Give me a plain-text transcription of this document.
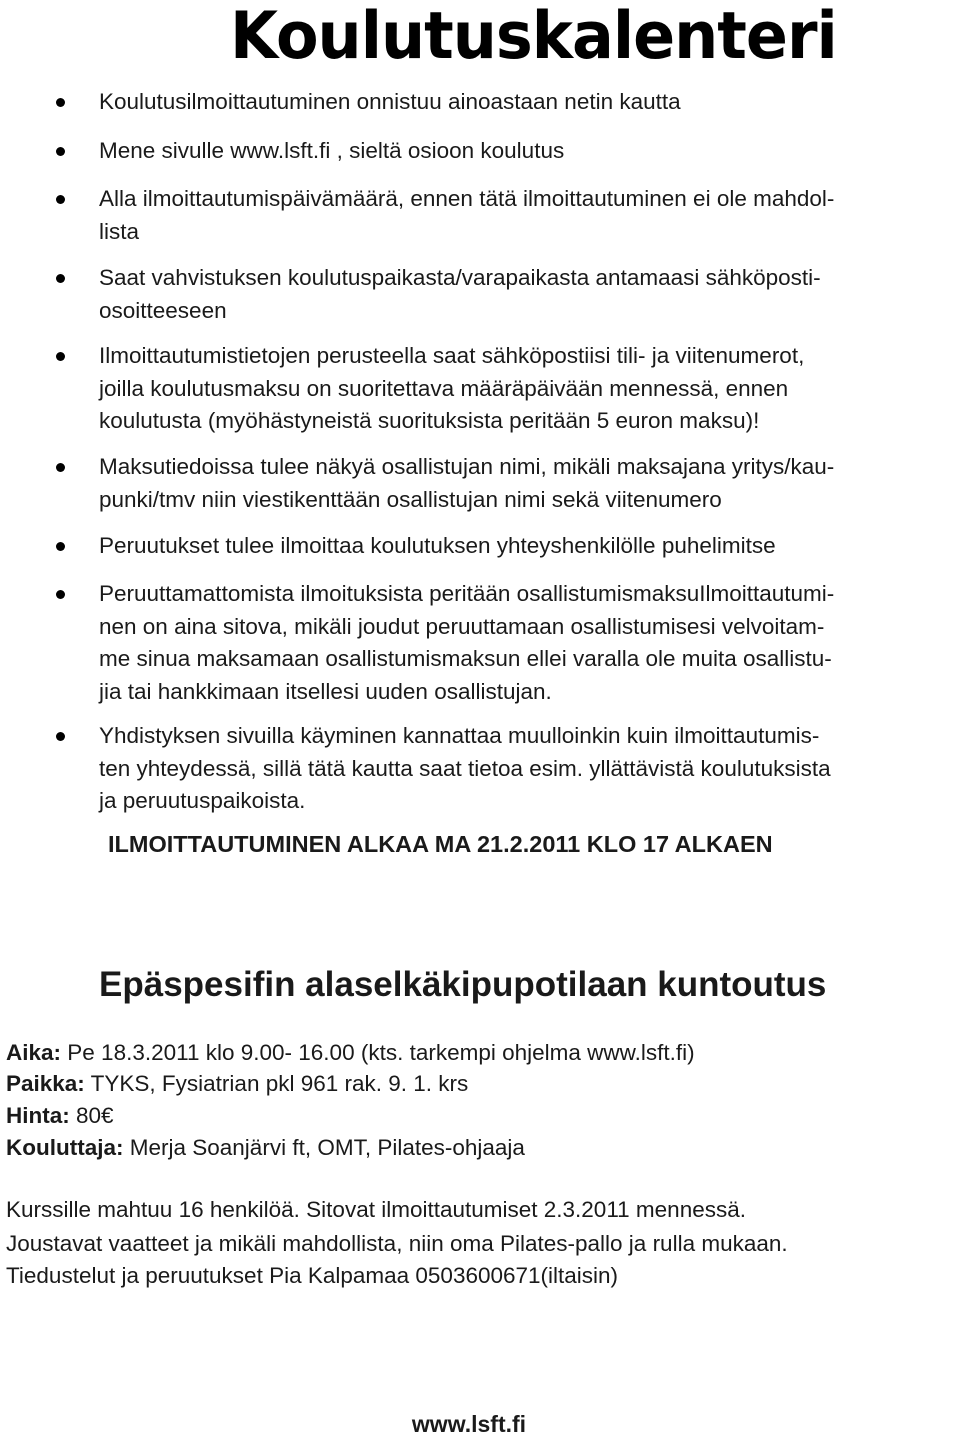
Koulutuskalenteri
Koulutusilmoittautuminen onnistuu ainoastaan netin kautta
Mene sivulle www.lsft.fi , sieltä osioon koulutus
Alla ilmoittautumispäivämäärä, ennen tätä ilmoittautuminen ei ole mahdol-
lista
Saat vahvistuksen koulutuspaikasta/varapaikasta antamaasi sähköposti-
osoitteeseen
Ilmoittautumistietojen perusteella saat sähköpostiisi tili- ja viitenumerot,
joilla koulutusmaksu on suoritettava määräpäivään mennessä, ennen
koulutusta (myöhästyneistä suorituksista peritään 5 euron maksu)!
Maksutiedoissa tulee näkyä osallistujan nimi, mikäli maksajana yritys/kau-
punki/tmv niin viestikenttään osallistujan nimi sekä viitenumero
Peruutukset tulee ilmoittaa koulutuksen yhteyshenkilölle puhelimitse
Peruuttamattomista ilmoituksista peritään osallistumismaksuIlmoittautumi-
nen on aina sitova, mikäli joudut peruuttamaan osallistumisesi velvoitam-
me sinua maksamaan osallistumismaksun ellei varalla ole muita osallistu-
jia tai hankkimaan itsellesi uuden osallistujan.
Yhdistyksen sivuilla käyminen kannattaa muulloinkin kuin ilmoittautumis-
ten yhteydessä, sillä tätä kautta saat tietoa esim. yllättävistä koulutuksista
ja peruutuspaikoista.
ILMOITTAUTUMINEN ALKAA MA 21.2.2011 KLO 17 ALKAEN
Epäspesifin alaselkäkipupotilaan kuntoutus
Aika: Pe 18.3.2011 klo 9.00- 16.00 (kts. tarkempi ohjelma www.lsft.fi)
Paikka: TYKS, Fysiatrian pkl 961 rak. 9. 1. krs
Hinta: 80€
Kouluttaja: Merja Soanjärvi ft, OMT, Pilates-ohjaaja
Kurssille mahtuu 16 henkilöä. Sitovat ilmoittautumiset 2.3.2011 mennessä.
Joustavat vaatteet ja mikäli mahdollista, niin oma Pilates-pallo ja rulla mukaan.
Tiedustelut ja peruutukset Pia Kalpamaa 0503600671(iltaisin)
www.lsft.fi
